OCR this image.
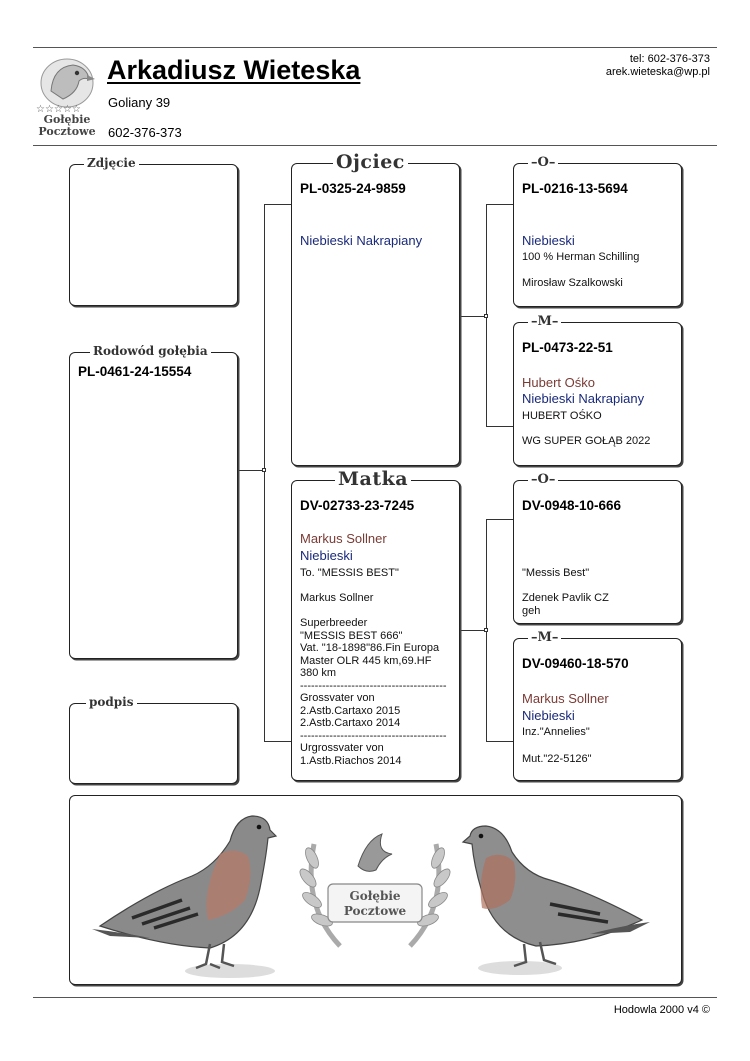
☆☆☆☆☆
Gołębie
Pocztowe
Arkadiusz Wieteska
Goliany 39
602-376-373
tel: 602-376-373
arek.wieteska@wp.pl
Zdjęcie
Rodowód gołębia
PL-0461-24-15554
podpis
Ojciec
PL-0325-24-9859
Niebieski Nakrapiany
Matka
DV-02733-23-7245
Markus Sollner
Niebieski
To. "MESSIS BEST"
Markus Sollner
Superbreeder
"MESSIS BEST 666"
Vat. "18-1898"86.Fin Europa
Master OLR 445 km,69.HF
380 km
----------------------------------------
Grossvater von
2.Astb.Cartaxo 2015
2.Astb.Cartaxo 2014
----------------------------------------
Urgrossvater von
1.Astb.Riachos 2014
–O–
PL-0216-13-5694
Niebieski
100 % Herman Schilling
Mirosław Szalkowski
–M–
PL-0473-22-51
Hubert Ośko
Niebieski Nakrapiany
HUBERT OŚKO
WG SUPER GOŁĄB 2022
–O–
DV-0948-10-666
"Messis Best"
Zdenek Pavlik CZ
geh
–M–
DV-09460-18-570
Markus Sollner
Niebieski
Inz."Annelies"
Mut."22-5126"
Gołębie
Pocztowe
Hodowla 2000 v4 ©
